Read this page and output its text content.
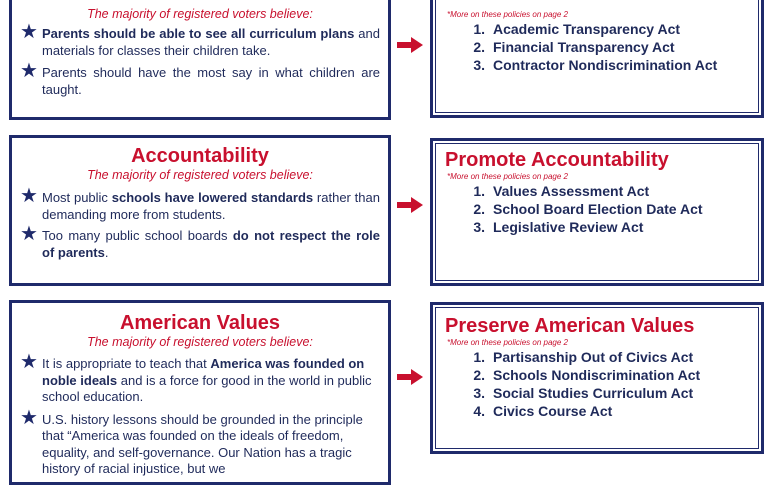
The majority of registered voters believe:
★ Parents should be able to see all curriculum plans and materials for classes their children take.
★ Parents should have the most say in what children are taught.
*More on these policies on page 2
1. Academic Transparency Act
2. Financial Transparency Act
3. Contractor Nondiscrimination Act
Accountability
The majority of registered voters believe:
★ Most public schools have lowered standards rather than demanding more from students.
★ Too many public school boards do not respect the role of parents.
Promote Accountability
*More on these policies on page 2
1. Values Assessment Act
2. School Board Election Date Act
3. Legislative Review Act
American Values
The majority of registered voters believe:
★ It is appropriate to teach that America was founded on noble ideals and is a force for good in the world in public school education.
★ U.S. history lessons should be grounded in the principle that “America was founded on the ideals of freedom, equality, and self-governance. Our Nation has a tragic history of racial injustice, but we
Preserve American Values
*More on these policies on page 2
1. Partisanship Out of Civics Act
2. Schools Nondiscrimination Act
3. Social Studies Curriculum Act
4. Civics Course Act
